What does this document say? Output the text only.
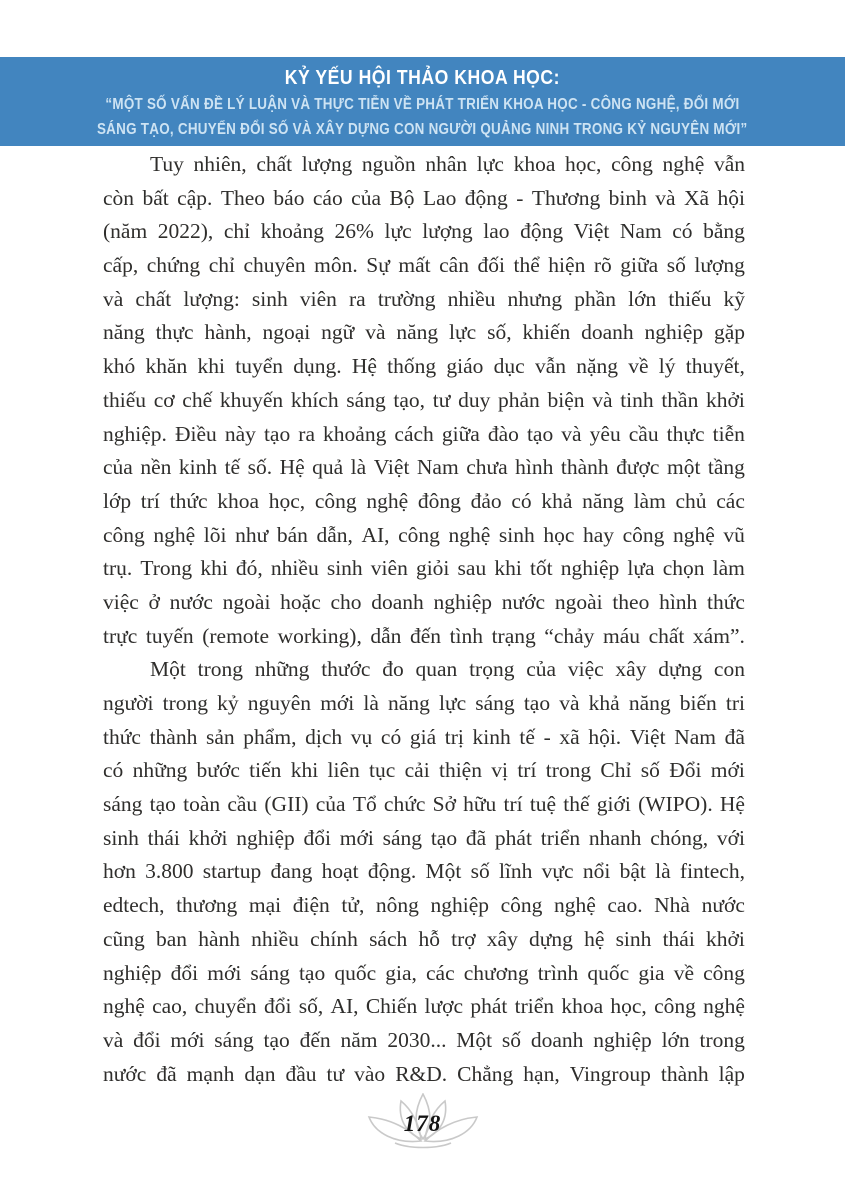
KỶ YẾU HỘI THẢO KHOA HỌC:
“MỘT SỐ VẤN ĐỀ LÝ LUẬN VÀ THỰC TIỄN VỀ PHÁT TRIỂN KHOA HỌC - CÔNG NGHỆ, ĐỔI MỚI
SÁNG TẠO, CHUYỂN ĐỔI SỐ VÀ XÂY DỰNG CON NGƯỜI QUẢNG NINH TRONG KỶ NGUYÊN MỚI”
Tuy nhiên, chất lượng nguồn nhân lực khoa học, công nghệ vẫn
còn bất cập. Theo báo cáo của Bộ Lao động - Thương binh và Xã hội
(năm 2022), chỉ khoảng 26% lực lượng lao động Việt Nam có bằng
cấp, chứng chỉ chuyên môn. Sự mất cân đối thể hiện rõ giữa số lượng
và chất lượng: sinh viên ra trường nhiều nhưng phần lớn thiếu kỹ
năng thực hành, ngoại ngữ và năng lực số, khiến doanh nghiệp gặp
khó khăn khi tuyển dụng. Hệ thống giáo dục vẫn nặng về lý thuyết,
thiếu cơ chế khuyến khích sáng tạo, tư duy phản biện và tinh thần khởi
nghiệp. Điều này tạo ra khoảng cách giữa đào tạo và yêu cầu thực tiễn
của nền kinh tế số. Hệ quả là Việt Nam chưa hình thành được một tầng
lớp trí thức khoa học, công nghệ đông đảo có khả năng làm chủ các
công nghệ lõi như bán dẫn, AI, công nghệ sinh học hay công nghệ vũ
trụ. Trong khi đó, nhiều sinh viên giỏi sau khi tốt nghiệp lựa chọn làm
việc ở nước ngoài hoặc cho doanh nghiệp nước ngoài theo hình thức
trực tuyến (remote working), dẫn đến tình trạng “chảy máu chất xám”.
Một trong những thước đo quan trọng của việc xây dựng con
người trong kỷ nguyên mới là năng lực sáng tạo và khả năng biến tri
thức thành sản phẩm, dịch vụ có giá trị kinh tế - xã hội. Việt Nam đã
có những bước tiến khi liên tục cải thiện vị trí trong Chỉ số Đổi mới
sáng tạo toàn cầu (GII) của Tổ chức Sở hữu trí tuệ thế giới (WIPO). Hệ
sinh thái khởi nghiệp đổi mới sáng tạo đã phát triển nhanh chóng, với
hơn 3.800 startup đang hoạt động. Một số lĩnh vực nổi bật là fintech,
edtech, thương mại điện tử, nông nghiệp công nghệ cao. Nhà nước
cũng ban hành nhiều chính sách hỗ trợ xây dựng hệ sinh thái khởi
nghiệp đổi mới sáng tạo quốc gia, các chương trình quốc gia về công
nghệ cao, chuyển đổi số, AI, Chiến lược phát triển khoa học, công nghệ
và đổi mới sáng tạo đến năm 2030... Một số doanh nghiệp lớn trong
nước đã mạnh dạn đầu tư vào R&D. Chẳng hạn, Vingroup thành lập
178
